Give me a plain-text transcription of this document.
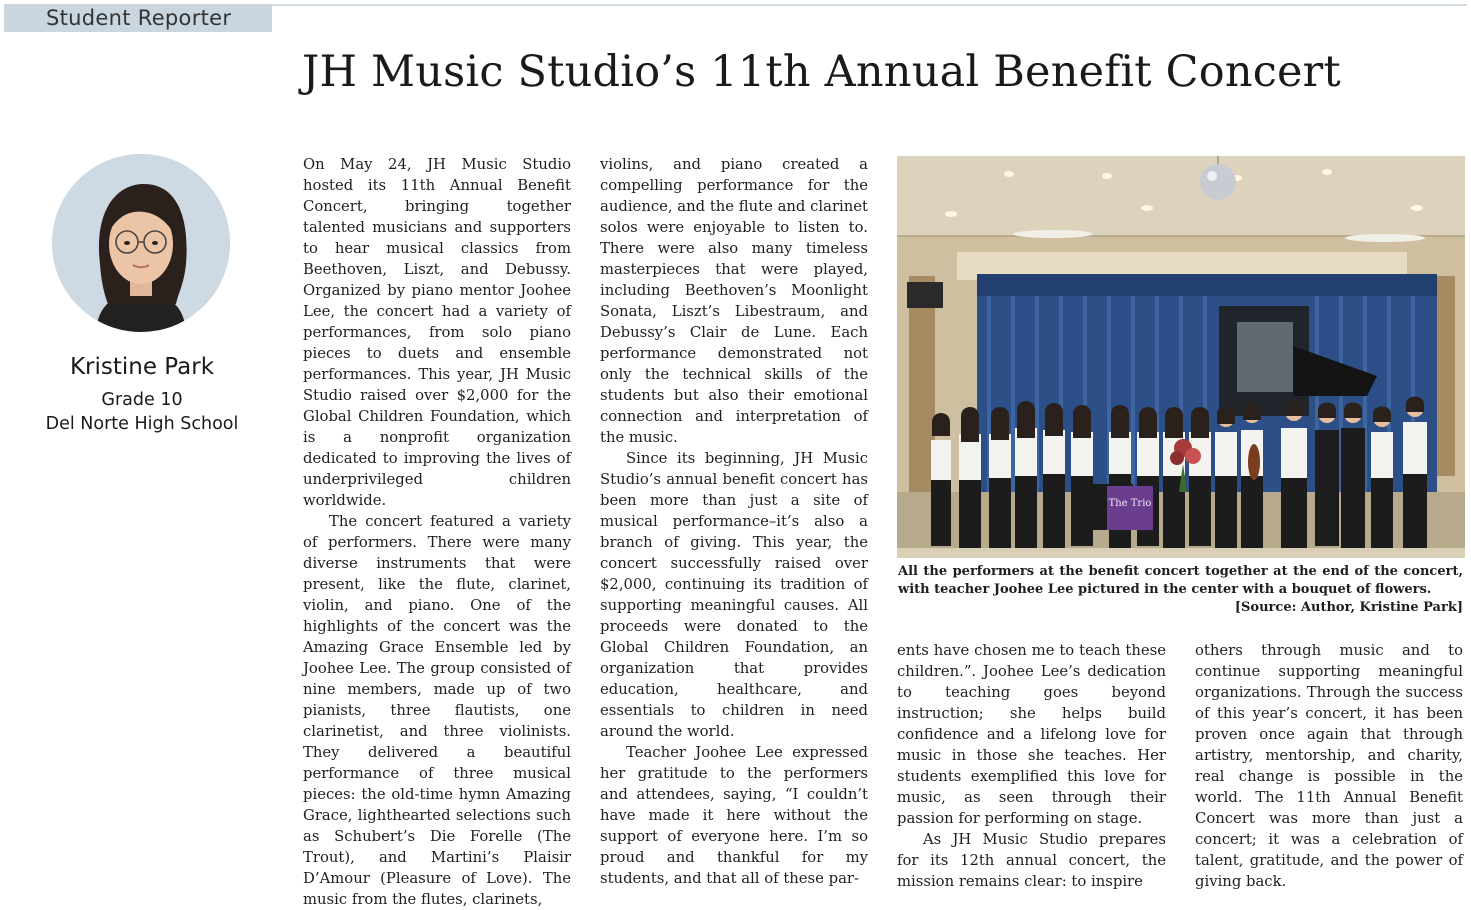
Student Reporter
JH Music Studio’s 11th Annual Benefit Concert
Kristine Park
Grade 10
Del Norte High School

On May 24, JH Music Studio hosted its 11th Annual Benefit Concert, bringing together talented musicians and supporters to hear musical classics from Beethoven, Liszt, and Debussy. Organized by piano mentor Joohee Lee, the concert had a variety of performances, from solo piano pieces to duets and ensemble performances. This year, JH Music Studio raised over $2,000 for the Global Children Foundation, which is a nonprofit organization dedicated to improving the lives of underprivileged children worldwide.

The concert featured a variety of performers. There were many diverse instruments that were present, like the flute, clarinet, violin, and piano. One of the highlights of the concert was the Amazing Grace Ensemble led by Joohee Lee. The group consisted of nine members, made up of two pianists, three flautists, one clarinetist, and three violinists. They delivered a beautiful performance of three musical pieces: the old-time hymn Amazing Grace, lighthearted selections such as Schubert’s Die Forelle (The Trout), and Martini’s Plaisir D’Amour (Pleasure of Love). The music from the flutes, clarinets,

violins, and piano created a compelling performance for the audience, and the flute and clarinet solos were enjoyable to listen to. There were also many timeless masterpieces that were played, including Beethoven’s Moonlight Sonata, Liszt’s Libestraum, and Debussy’s Clair de Lune. Each performance demonstrated not only the technical skills of the students but also their emotional connection and interpretation of the music.

Since its beginning, JH Music Studio’s annual benefit concert has been more than just a site of musical performance–it’s also a branch of giving. This year, the concert successfully raised over $2,000, continuing its tradition of supporting meaningful causes. All proceeds were donated to the Global Children Foundation, an organization that provides education, healthcare, and essentials to children in need around the world.

Teacher Joohee Lee expressed her gratitude to the performers and attendees, saying, “I couldn’t have made it here without the support of everyone here. I’m so proud and thankful for my students, and that all of these par-

The Trio
All the performers at the benefit concert together at the end of the concert, with teacher Joohee Lee pictured in the center with a bouquet of flowers.
[Source: Author, Kristine Park]

ents have chosen me to teach these children.”. Joohee Lee’s dedication to teaching goes beyond instruction; she helps build confidence and a lifelong love for music in those she teaches. Her students exemplified this love for music, as seen through their passion for performing on stage.

As JH Music Studio prepares for its 12th annual concert, the mission remains clear: to inspire

others through music and to continue supporting meaningful organizations. Through the success of this year’s concert, it has been proven once again that through artistry, mentorship, and charity, real change is possible in the world. The 11th Annual Benefit Concert was more than just a concert; it was a celebration of talent, gratitude, and the power of giving back.
